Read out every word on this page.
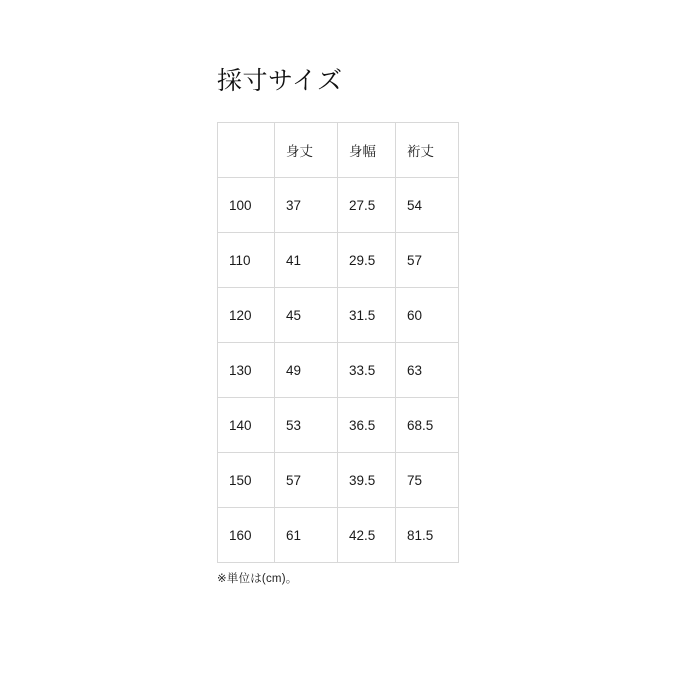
採寸サイズ
	身丈	身幅	裄丈
100	37	27.5	54
110	41	29.5	57
120	45	31.5	60
130	49	33.5	63
140	53	36.5	68.5
150	57	39.5	75
160	61	42.5	81.5
※単位は(cm)。
